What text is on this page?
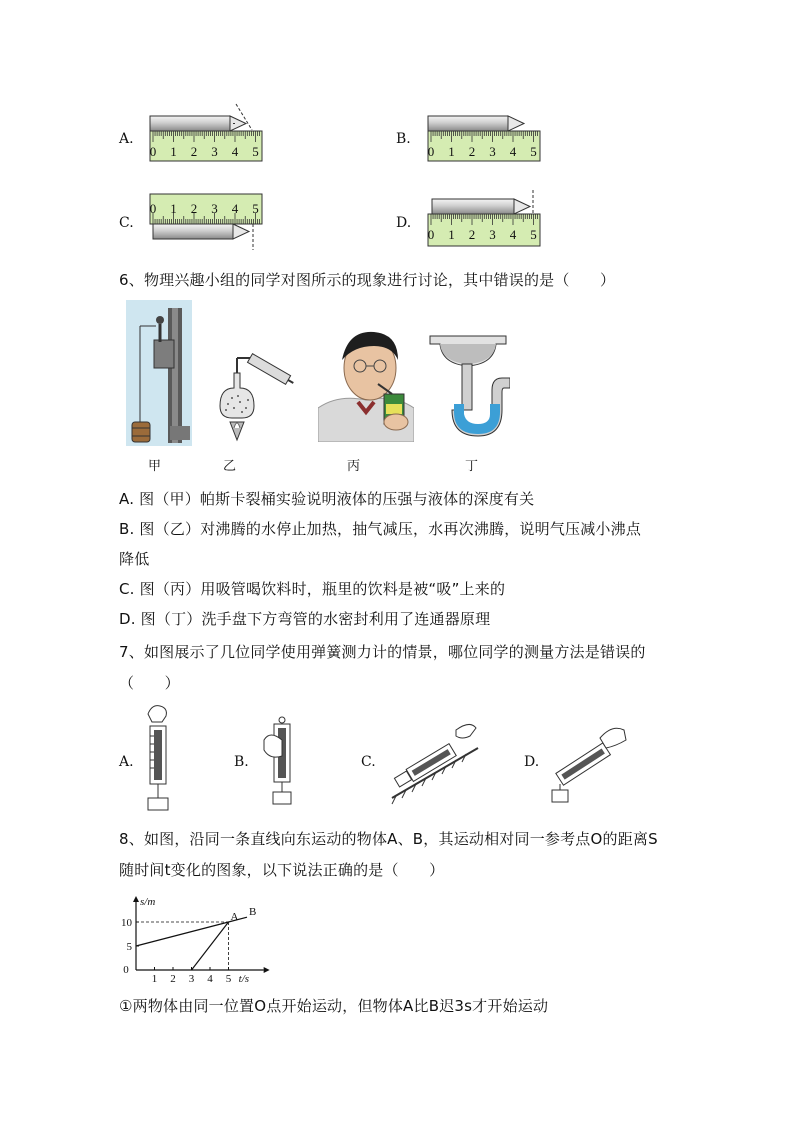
0 1 2 3 4 5	0 1 2 3 4 5
0 1 2 3 4 5
0 1 2 3 4 5
A.	B.
C.	D.
6、物理兴趣小组的同学对图所示的现象进行讨论，其中错误的是（　　）
甲	乙	丙	丁
A. 图（甲）帕斯卡裂桶实验说明液体的压强与液体的深度有关
B. 图（乙）对沸腾的水停止加热，抽气减压，水再次沸腾，说明气压减小沸点
降低
C. 图（丙）用吸管喝饮料时，瓶里的饮料是被“吸”上来的
D. 图（丁）洗手盘下方弯管的水密封利用了连通器原理
7、如图展示了几位同学使用弹簧测力计的情景，哪位同学的测量方法是错误的
（　　）
A.	B.	C.	D.
8、如图，沿同一条直线向东运动的物体A、B，其运动相对同一参考点O的距离S
随时间t变化的图象，以下说法正确的是（　　）
s/m
t/s
1 2 3 4 5
0
5
10	A B
①两物体由同一位置O点开始运动，但物体A比B迟3s才开始运动
